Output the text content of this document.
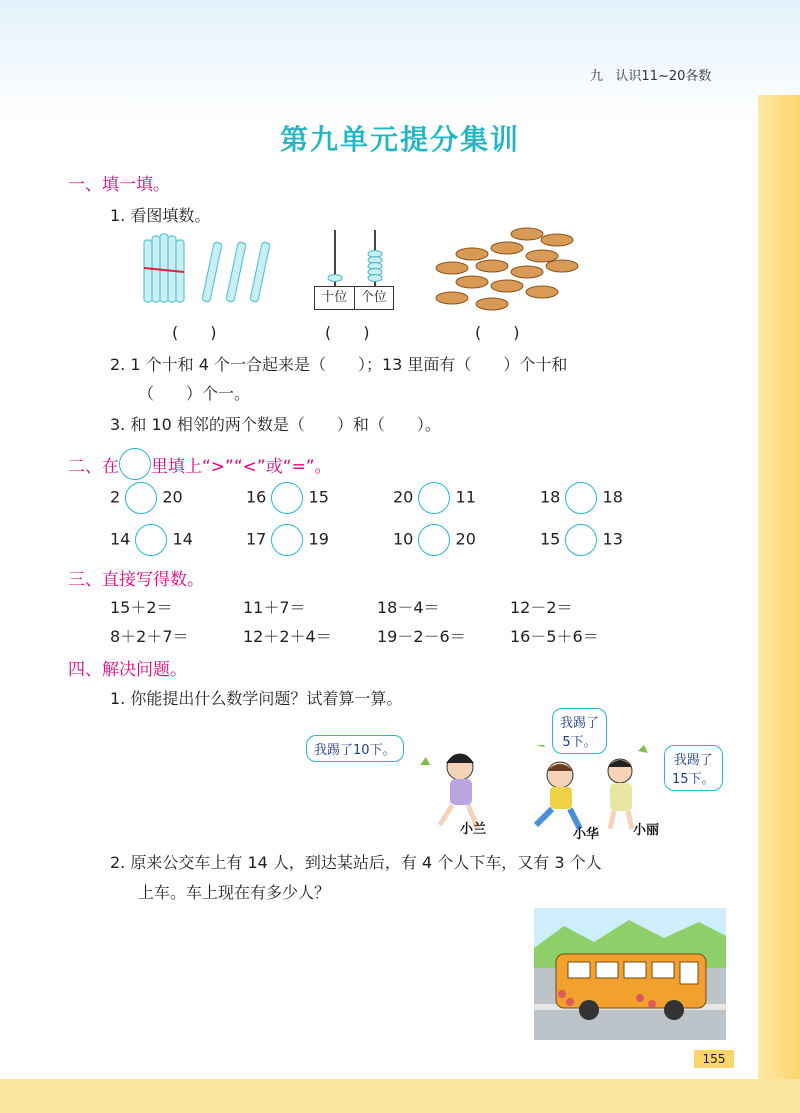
九 认识11~20各数
第九单元提分集训
一、填一填。
1. 看图填数。
十位	个位
(　　)	(　　)	(　　)
2. 1 个十和 4 个一合起来是（　　）；13 里面有（　　）个十和
（　　）个一。
3. 和 10 相邻的两个数是（　　）和（　　）。
二、在 里填上“>”“<”或“=”。
2	20	16	15	20	11	18	18
14	14	17	19	10	20	15	13
三、直接写得数。
15＋2＝	11＋7＝	18－4＝	12－2＝
8＋2＋7＝	12＋2＋4＝	19－2－6＝	16－5＋6＝
四、解决问题。
1. 你能提出什么数学问题？试着算一算。
我踢了10下。
我踢了
5下。
我踢了
15下。
小兰	小华	小丽
2. 原来公交车上有 14 人，到达某站后，有 4 个人下车，又有 3 个人
上车。车上现在有多少人？
155
